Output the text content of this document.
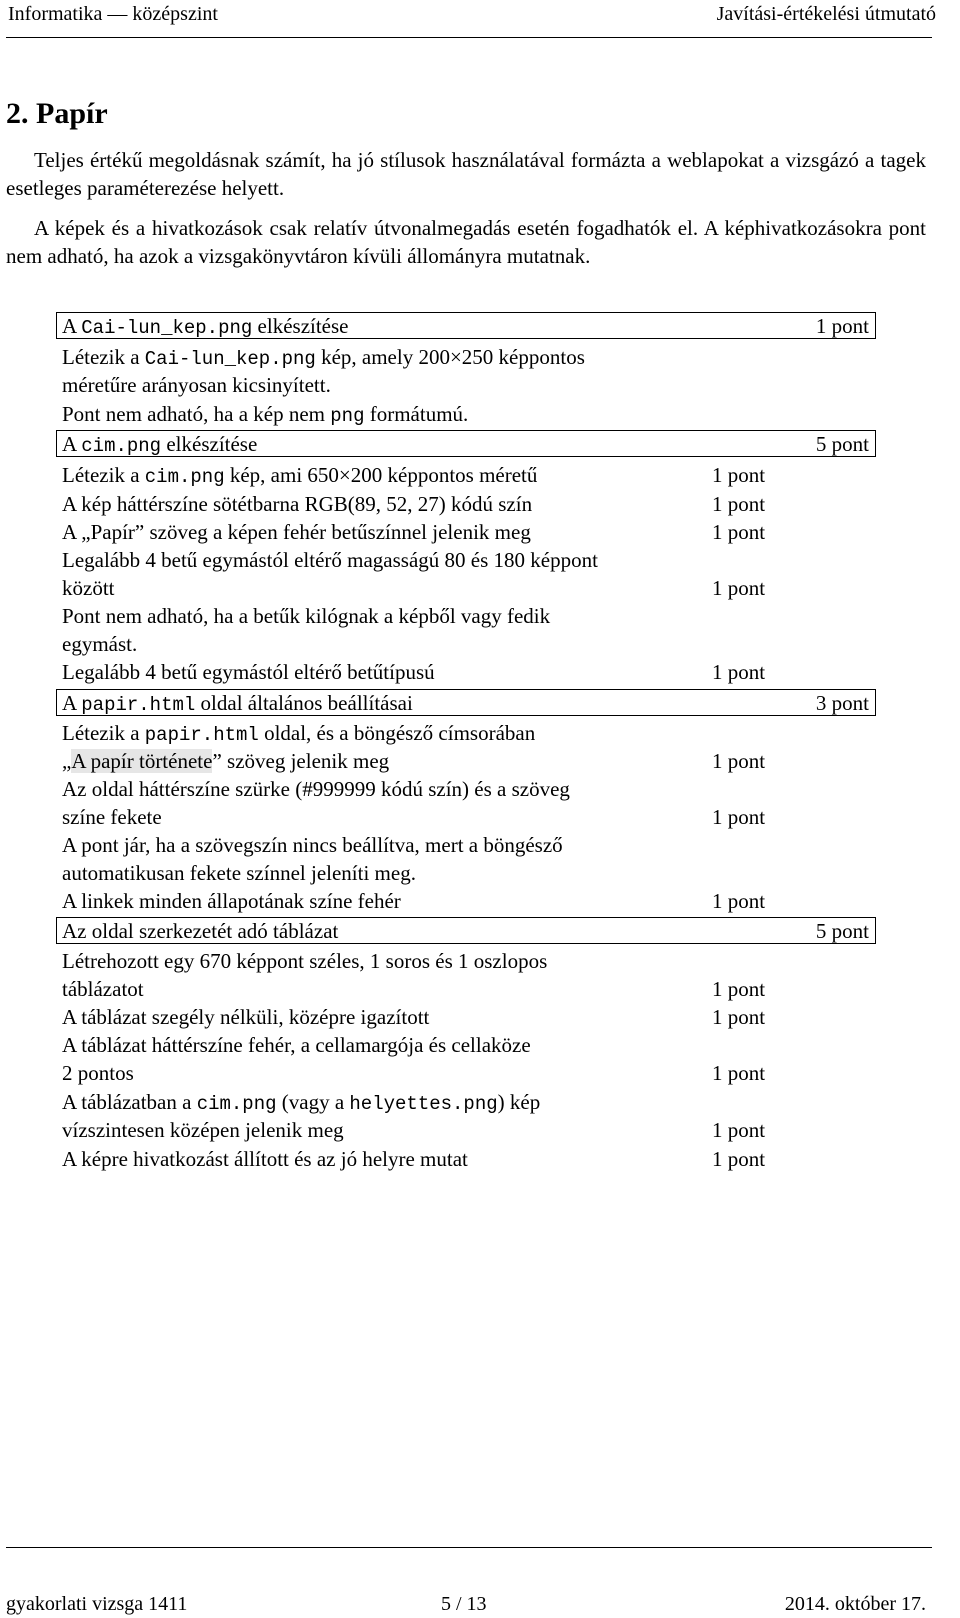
Informatika — középszint	Javítási-értékelési útmutató
2. Papír
Teljes értékű megoldásnak számít, ha jó stílusok használatával formázta a weblapokat a vizsgázó a tagek esetleges paraméterezése helyett.
A képek és a hivatkozások csak relatív útvonalmegadás esetén fogadhatók el. A képhivatkozásokra pont nem adható, ha azok a vizsgakönyvtáron kívüli állományra mutatnak.
A Cai-lun_kep.png elkészítése	1 pont
Létezik a Cai-lun_kep.png kép, amely 200×250 képpontos
méretűre arányosan kicsinyített.
Pont nem adható, ha a kép nem png formátumú.
A cim.png elkészítése	5 pont
Létezik a cim.png kép, ami 650×200 képpontos méretű	1 pont
A kép háttérszíne sötétbarna RGB(89, 52, 27) kódú szín	1 pont
A „Papír” szöveg a képen fehér betűszínnel jelenik meg	1 pont
Legalább 4 betű egymástól eltérő magasságú 80 és 180 képpont
között	1 pont
Pont nem adható, ha a betűk kilógnak a képből vagy fedik
egymást.
Legalább 4 betű egymástól eltérő betűtípusú	1 pont
A papir.html oldal általános beállításai	3 pont
Létezik a papir.html oldal, és a böngésző címsorában
„A papír története” szöveg jelenik meg	1 pont
Az oldal háttérszíne szürke (#999999 kódú szín) és a szöveg
színe fekete	1 pont
A pont jár, ha a szövegszín nincs beállítva, mert a böngésző
automatikusan fekete színnel jeleníti meg.
A linkek minden állapotának színe fehér	1 pont
Az oldal szerkezetét adó táblázat	5 pont
Létrehozott egy 670 képpont széles, 1 soros és 1 oszlopos
táblázatot	1 pont
A táblázat szegély nélküli, középre igazított	1 pont
A táblázat háttérszíne fehér, a cellamargója és cellaköze
2 pontos	1 pont
A táblázatban a cim.png (vagy a helyettes.png) kép
vízszintesen középen jelenik meg	1 pont
A képre hivatkozást állított és az jó helyre mutat	1 pont
gyakorlati vizsga 1411	5 / 13	2014. október 17.
